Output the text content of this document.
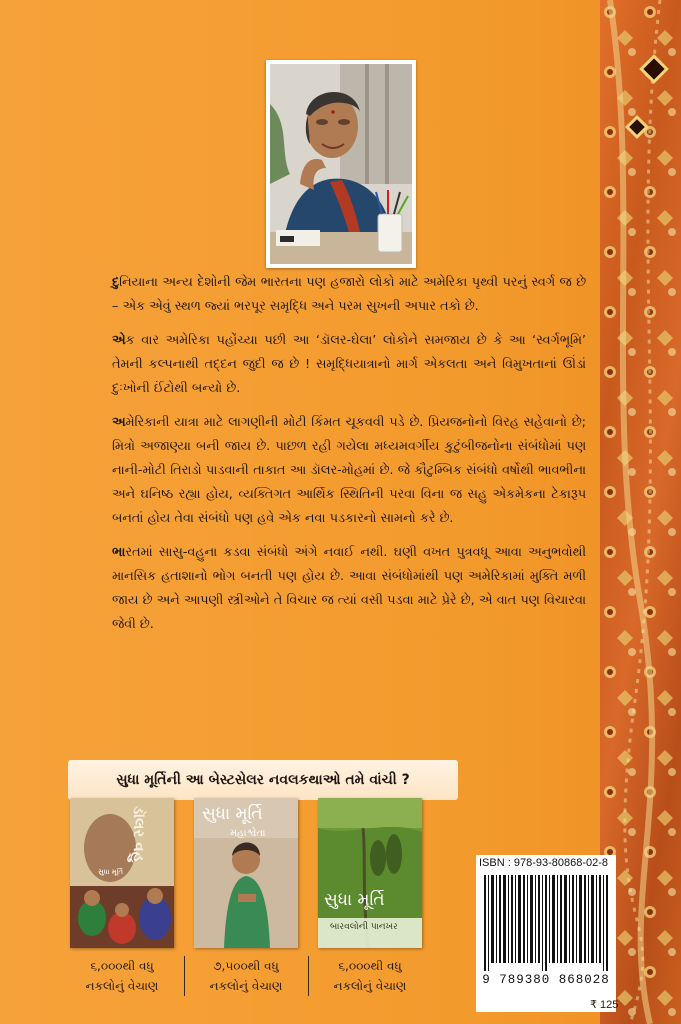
દુનિયાના અન્ય દેશોની જેમ ભારતના પણ હજારો લોકો માટે અમેરિકા પૃથ્વી પરનું સ્વર્ગ જ છે – એક એવું સ્થળ જ્યાં ભરપૂર સમૃદ્ધિ અને પરમ સુખની અપાર તકો છે.

એક વાર અમેરિકા પહોંચ્યા પછી આ ‘ડૉલર-ઘેલા’ લોકોને સમજાય છે કે આ ‘સ્વર્ગભૂમિ’ તેમની કલ્પનાથી તદ્દન જુદી જ છે ! સમૃદ્ધિયાત્રાનો માર્ગ એકલતા અને વિમુખતાનાં ઊંડાં દુઃખોની ઈંટોથી બન્યો છે.

અમેરિકાની યાત્રા માટે લાગણીની મોટી કિંમત ચૂકવવી પડે છે. પ્રિયજનોનો વિરહ સહેવાનો છે; મિત્રો અજાણ્યા બની જાય છે. પાછળ રહી ગયેલા મધ્યમવર્ગીય કુટુંબીજનોના સંબંધોમાં પણ નાની-મોટી તિરાડો પાડવાની તાકાત આ ડૉલર-મોહમાં છે. જે કૌટુમ્બિક સંબંધો વર્ષોથી ભાવભીના અને ઘનિષ્ઠ રહ્યા હોય, વ્યક્તિગત આર્થિક સ્થિતિની પરવા વિના જ સહુ એકમેકના ટેકારૂપ બનતાં હોય તેવા સંબંધો પણ હવે એક નવા પડકારનો સામનો કરે છે.

ભારતમાં સાસુ-વહુના કડવા સંબંધો અંગે નવાઈ નથી. ઘણી વખત પુત્રવધૂ આવા અનુભવોથી માનસિક હતાશાનો ભોગ બનતી પણ હોય છે. આવા સંબંધોમાંથી પણ અમેરિકામાં મુક્તિ મળી જાય છે અને આપણી સ્ત્રીઓને તે વિચાર જ ત્યાં વસી પડવા માટે પ્રેરે છે, એ વાત પણ વિચારવા જેવી છે.

સુધા મૂર્તિની આ બેસ્ટસેલર નવલકથાઓ તમે વાંચી ?
ડૉલર વહુ
સુધા મૂર્તિ
૬,૦૦૦થી વધુ
નકલોનું વેચાણ
સુધા મૂર્તિ
મહાશ્વેતા
૭,૫૦૦થી વધુ
નકલોનું વેચાણ
સુધા મૂર્તિ
બારવલોની પાનખર
૬,૦૦૦થી વધુ
નકલોનું વેચાણ
ISBN : 978-93-80868-02-8
9 789380 868028
₹ 125
